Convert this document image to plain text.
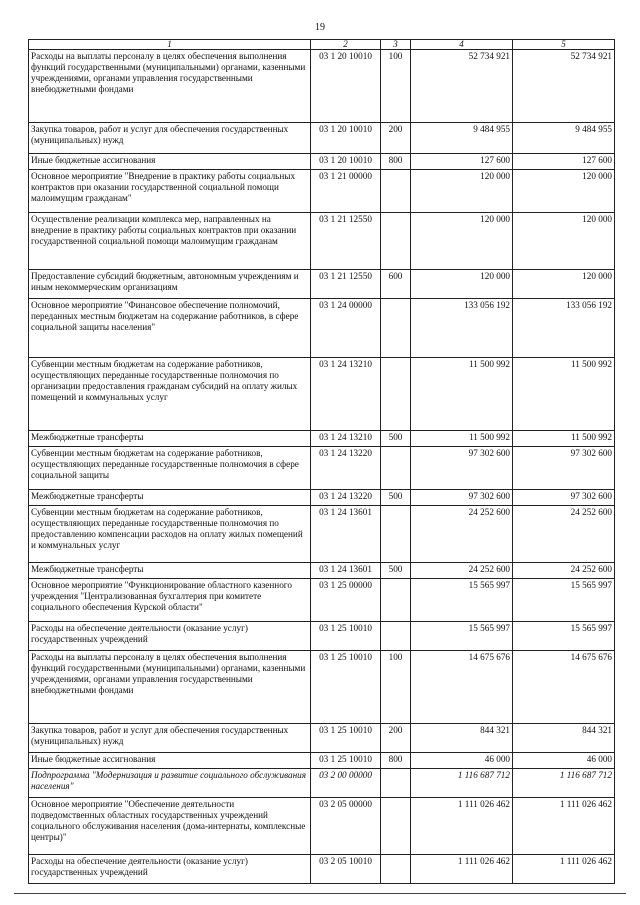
19
1	2	3	4	5
Расходы на выплаты персоналу в целях обеспечения выполнения функций государственными (муниципальными) органами, казенными учреждениями, органами управления государственными внебюджетными фондами	03 1 20 10010	100	52 734 921	52 734 921
Закупка товаров, работ и услуг для обеспечения государственных (муниципальных) нужд	03 1 20 10010	200	9 484 955	9 484 955
Иные бюджетные ассигнования	03 1 20 10010	800	127 600	127 600
Основное мероприятие "Внедрение в практику работы социальных контрактов при оказании государственной социальной помощи малоимущим гражданам"	03 1 21 00000		120 000	120 000
Осуществление реализации комплекса мер, направленных на внедрение в практику работы социальных контрактов при оказании государственной социальной помощи малоимущим гражданам	03 1 21 12550		120 000	120 000
Предоставление субсидий бюджетным, автономным учреждениям и иным некоммерческим организациям	03 1 21 12550	600	120 000	120 000
Основное мероприятие "Финансовое обеспечение полномочий, переданных местным бюджетам на содержание работников, в сфере социальной защиты населения"	03 1 24 00000		133 056 192	133 056 192
Субвенции местным бюджетам на содержание работников, осуществляющих переданные государственные полномочия по организации предоставления гражданам субсидий на оплату жилых помещений и коммунальных услуг	03 1 24 13210		11 500 992	11 500 992
Межбюджетные трансферты	03 1 24 13210	500	11 500 992	11 500 992
Субвенции местным бюджетам на содержание работников, осуществляющих переданные государственные полномочия в сфере социальной защиты	03 1 24 13220		97 302 600	97 302 600
Межбюджетные трансферты	03 1 24 13220	500	97 302 600	97 302 600
Субвенции местным бюджетам на содержание работников, осуществляющих переданные государственные полномочия по предоставлению компенсации расходов на оплату жилых помещений и коммунальных услуг	03 1 24 13601		24 252 600	24 252 600
Межбюджетные трансферты	03 1 24 13601	500	24 252 600	24 252 600
Основное мероприятие "Функционирование областного казенного учреждения "Централизованная бухгалтерия при комитете социального обеспечения Курской области"	03 1 25 00000		15 565 997	15 565 997
Расходы на обеспечение деятельности (оказание услуг) государственных учреждений	03 1 25 10010		15 565 997	15 565 997
Расходы на выплаты персоналу в целях обеспечения выполнения функций государственными (муниципальными) органами, казенными учреждениями, органами управления государственными внебюджетными фондами	03 1 25 10010	100	14 675 676	14 675 676
Закупка товаров, работ и услуг для обеспечения государственных (муниципальных) нужд	03 1 25 10010	200	844 321	844 321
Иные бюджетные ассигнования	03 1 25 10010	800	46 000	46 000
Подпрограмма "Модернизация и развитие социального обслуживания населения"	03 2 00 00000		1 116 687 712	1 116 687 712
Основное мероприятие "Обеспечение деятельности подведомственных областных государственных учреждений социального обслуживания населения (дома-интернаты, комплексные центры)"	03 2 05 00000		1 111 026 462	1 111 026 462
Расходы на обеспечение деятельности (оказание услуг) государственных учреждений	03 2 05 10010		1 111 026 462	1 111 026 462
